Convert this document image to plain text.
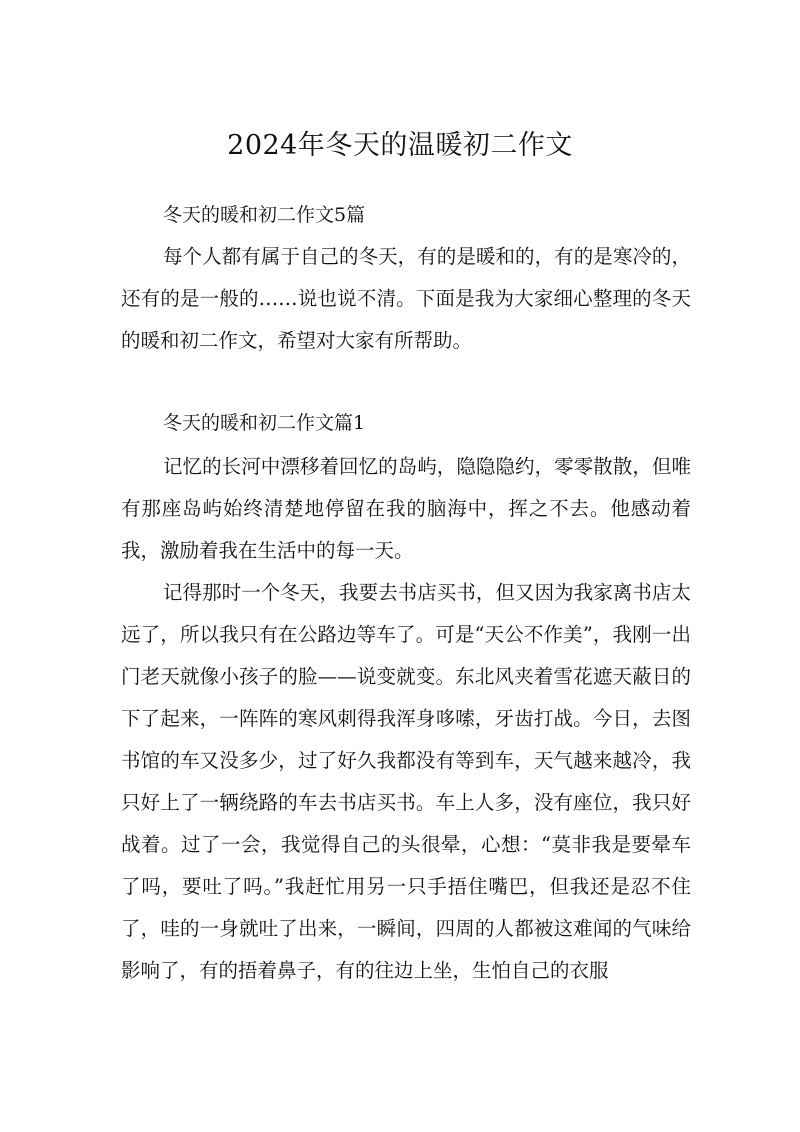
2024年冬天的温暖初二作文
冬天的暖和初二作文5篇
每个人都有属于自己的冬天，有的是暖和的，有的是寒冷的，还有的是一般的……说也说不清。下面是我为大家细心整理的冬天的暖和初二作文，希望对大家有所帮助。
冬天的暖和初二作文篇1
记忆的长河中漂移着回忆的岛屿，隐隐隐约，零零散散，但唯有那座岛屿始终清楚地停留在我的脑海中，挥之不去。他感动着我，激励着我在生活中的每一天。
记得那时一个冬天，我要去书店买书，但又因为我家离书店太远了，所以我只有在公路边等车了。可是“天公不作美”，我刚一出门老天就像小孩子的脸——说变就变。东北风夹着雪花遮天蔽日的下了起来，一阵阵的寒风刺得我浑身哆嗦，牙齿打战。今日，去图书馆的车又没多少，过了好久我都没有等到车，天气越来越冷，我只好上了一辆绕路的车去书店买书。车上人多，没有座位，我只好战着。过了一会，我觉得自己的头很晕，心想：“莫非我是要晕车了吗，要吐了吗。”我赶忙用另一只手捂住嘴巴，但我还是忍不住了，哇的一身就吐了出来，一瞬间，四周的人都被这难闻的气味给影响了，有的捂着鼻子，有的往边上坐，生怕自己的衣服
